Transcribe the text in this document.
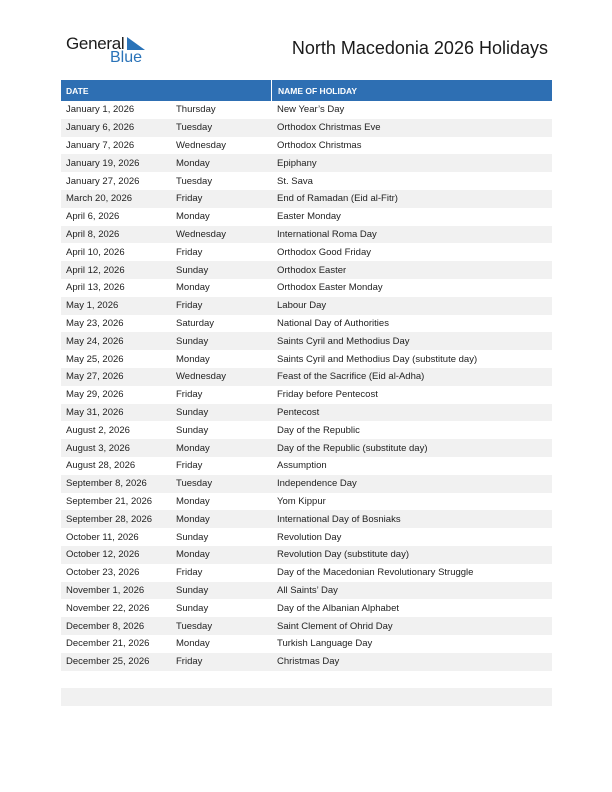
General
Blue	North Macedonia 2026 Holidays
DATE	NAME OF HOLIDAY
January 1, 2026	Thursday	New Year’s Day
January 6, 2026	Tuesday	Orthodox Christmas Eve
January 7, 2026	Wednesday	Orthodox Christmas
January 19, 2026	Monday	Epiphany
January 27, 2026	Tuesday	St. Sava
March 20, 2026	Friday	End of Ramadan (Eid al-Fitr)
April 6, 2026	Monday	Easter Monday
April 8, 2026	Wednesday	International Roma Day
April 10, 2026	Friday	Orthodox Good Friday
April 12, 2026	Sunday	Orthodox Easter
April 13, 2026	Monday	Orthodox Easter Monday
May 1, 2026	Friday	Labour Day
May 23, 2026	Saturday	National Day of Authorities
May 24, 2026	Sunday	Saints Cyril and Methodius Day
May 25, 2026	Monday	Saints Cyril and Methodius Day (substitute day)
May 27, 2026	Wednesday	Feast of the Sacrifice (Eid al-Adha)
May 29, 2026	Friday	Friday before Pentecost
May 31, 2026	Sunday	Pentecost
August 2, 2026	Sunday	Day of the Republic
August 3, 2026	Monday	Day of the Republic (substitute day)
August 28, 2026	Friday	Assumption
September 8, 2026	Tuesday	Independence Day
September 21, 2026	Monday	Yom Kippur
September 28, 2026	Monday	International Day of Bosniaks
October 11, 2026	Sunday	Revolution Day
October 12, 2026	Monday	Revolution Day (substitute day)
October 23, 2026	Friday	Day of the Macedonian Revolutionary Struggle
November 1, 2026	Sunday	All Saints’ Day
November 22, 2026	Sunday	Day of the Albanian Alphabet
December 8, 2026	Tuesday	Saint Clement of Ohrid Day
December 21, 2026	Monday	Turkish Language Day
December 25, 2026	Friday	Christmas Day
